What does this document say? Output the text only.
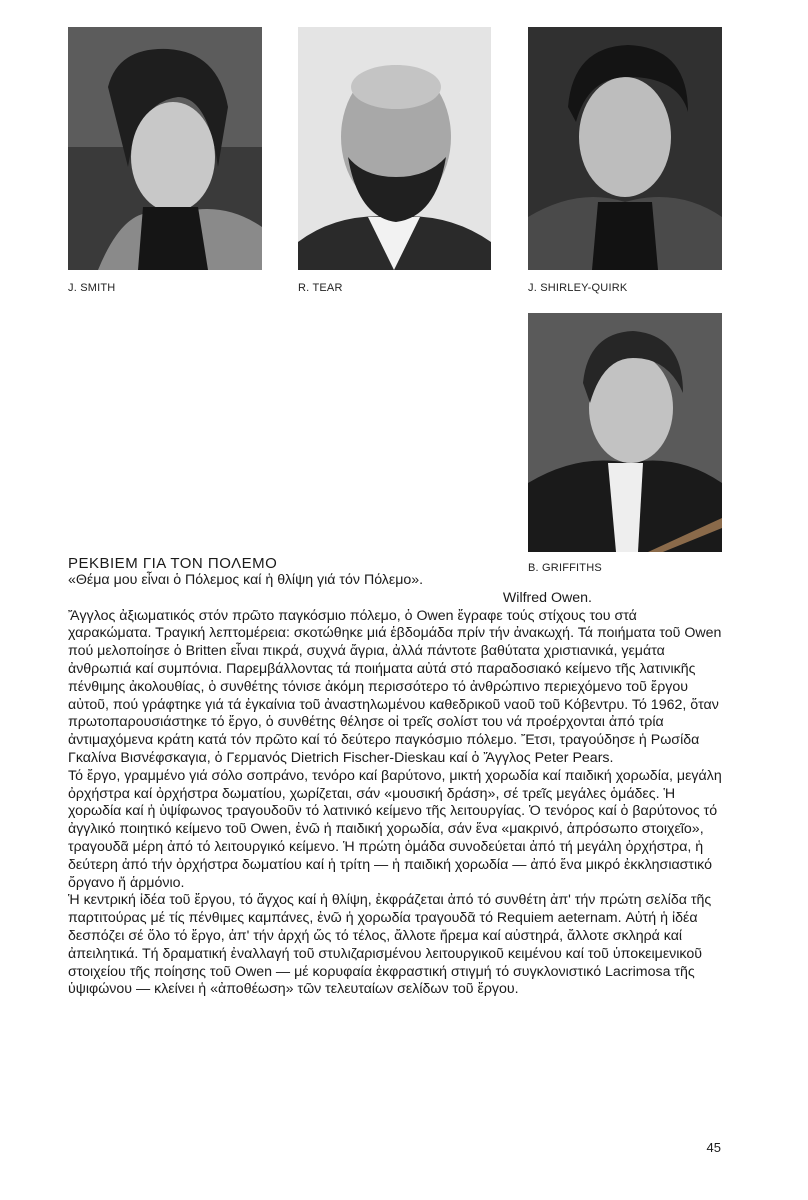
J. SMITH	R. TEAR	J. SHIRLEY-QUIRK
B. GRIFFITHS
ΡΕΚΒΙΕΜ ΓΙΑ ΤΟΝ ΠΟΛΕΜΟ

«Θέμα μου εἶναι ὁ Πόλεμος καί ἡ θλίψη γιά τόν Πόλεμο».

Wilfred Owen.

Ἄγγλος ἀξιωματικός στόν πρῶτο παγκόσμιο πόλεμο, ὁ Owen ἔγραφε τούς στίχους του στά χαρακώματα. Τραγική λεπτομέρεια: σκοτώθηκε μιά ἑβδομάδα πρίν τήν ἀνακωχή. Τά ποιήματα τοῦ Owen πού μελοποίησε ὁ Britten εἶναι πικρά, συχνά ἄγρια, ἀλλά πάντοτε βαθύτατα χριστιανικά, γεμάτα ἀνθρωπιά καί συμπόνια. Παρεμβάλλοντας τά ποιήματα αὐτά στό παραδοσιακό κείμενο τῆς λατινικῆς πένθιμης ἀκολουθίας, ὁ συνθέτης τόνισε ἀκόμη περισσότερο τό ἀνθρώπινο περιεχόμενο τοῦ ἔργου αὐτοῦ, πού γράφτηκε γιά τά ἐγκαίνια τοῦ ἀναστηλωμένου καθεδρικοῦ ναοῦ τοῦ Κόβεντρυ. Τό 1962, ὅταν πρωτοπαρουσιάστηκε τό ἔργο, ὁ συνθέτης θέλησε οἱ τρεῖς σολίστ του νά προέρχονται ἀπό τρία ἀντιμαχόμενα κράτη κατά τόν πρῶτο καί τό δεύτερο παγκόσμιο πόλεμο. Ἔτσι, τραγούδησε ἡ Ρωσίδα Γκαλίνα Βισνέφσκαγια, ὁ Γερμανός Dietrich Fischer-Dieskau καί ὁ Ἄγγλος Peter Pears.

Τό ἔργο, γραμμένο γιά σόλο σοπράνο, τενόρο καί βαρύτονο, μικτή χορωδία καί παιδική χορωδία, μεγάλη ὀρχήστρα καί ὀρχήστρα δωματίου, χωρίζεται, σάν «μουσική δράση», σέ τρεῖς μεγάλες ὁμάδες. Ἡ χορωδία καί ἡ ὑψίφωνος τραγουδοῦν τό λατινικό κείμενο τῆς λειτουργίας. Ὁ τενόρος καί ὁ βαρύτονος τό ἀγγλικό ποιητικό κείμενο τοῦ Owen, ἐνῶ ἡ παιδική χορωδία, σάν ἕνα «μακρινό, ἀπρόσωπο στοιχεῖο», τραγουδᾶ μέρη ἀπό τό λειτουργικό κείμενο. Ἡ πρώτη ὁμάδα συνοδεύεται ἀπό τή μεγάλη ὀρχήστρα, ἡ δεύτερη ἀπό τήν ὀρχήστρα δωματίου καί ἡ τρίτη — ἡ παιδική χορωδία — ἀπό ἕνα μικρό ἐκκλησιαστικό ὄργανο ἤ ἁρμόνιο.

Ἡ κεντρική ἰδέα τοῦ ἔργου, τό ἄγχος καί ἡ θλίψη, ἐκφράζεται ἀπό τό συνθέτη ἀπ' τήν πρώτη σελίδα τῆς παρτιτούρας μέ τίς πένθιμες καμπάνες, ἐνῶ ἡ χορωδία τραγουδᾶ τό Requiem aeternam. Αὐτή ἡ ἰδέα δεσπόζει σέ ὅλο τό ἔργο, ἀπ' τήν ἀρχή ὥς τό τέλος, ἄλλοτε ἤρεμα καί αὐστηρά, ἄλλοτε σκληρά καί ἀπειλητικά. Τή δραματική ἐναλλαγή τοῦ στυλιζαρισμένου λειτουργικοῦ κειμένου καί τοῦ ὑποκειμενικοῦ στοιχείου τῆς ποίησης τοῦ Owen — μέ κορυφαία ἐκφραστική στιγμή τό συγκλονιστικό Lacrimosa τῆς ὑψιφώνου — κλείνει ἡ «ἀποθέωση» τῶν τελευταίων σελίδων τοῦ ἔργου.

45
